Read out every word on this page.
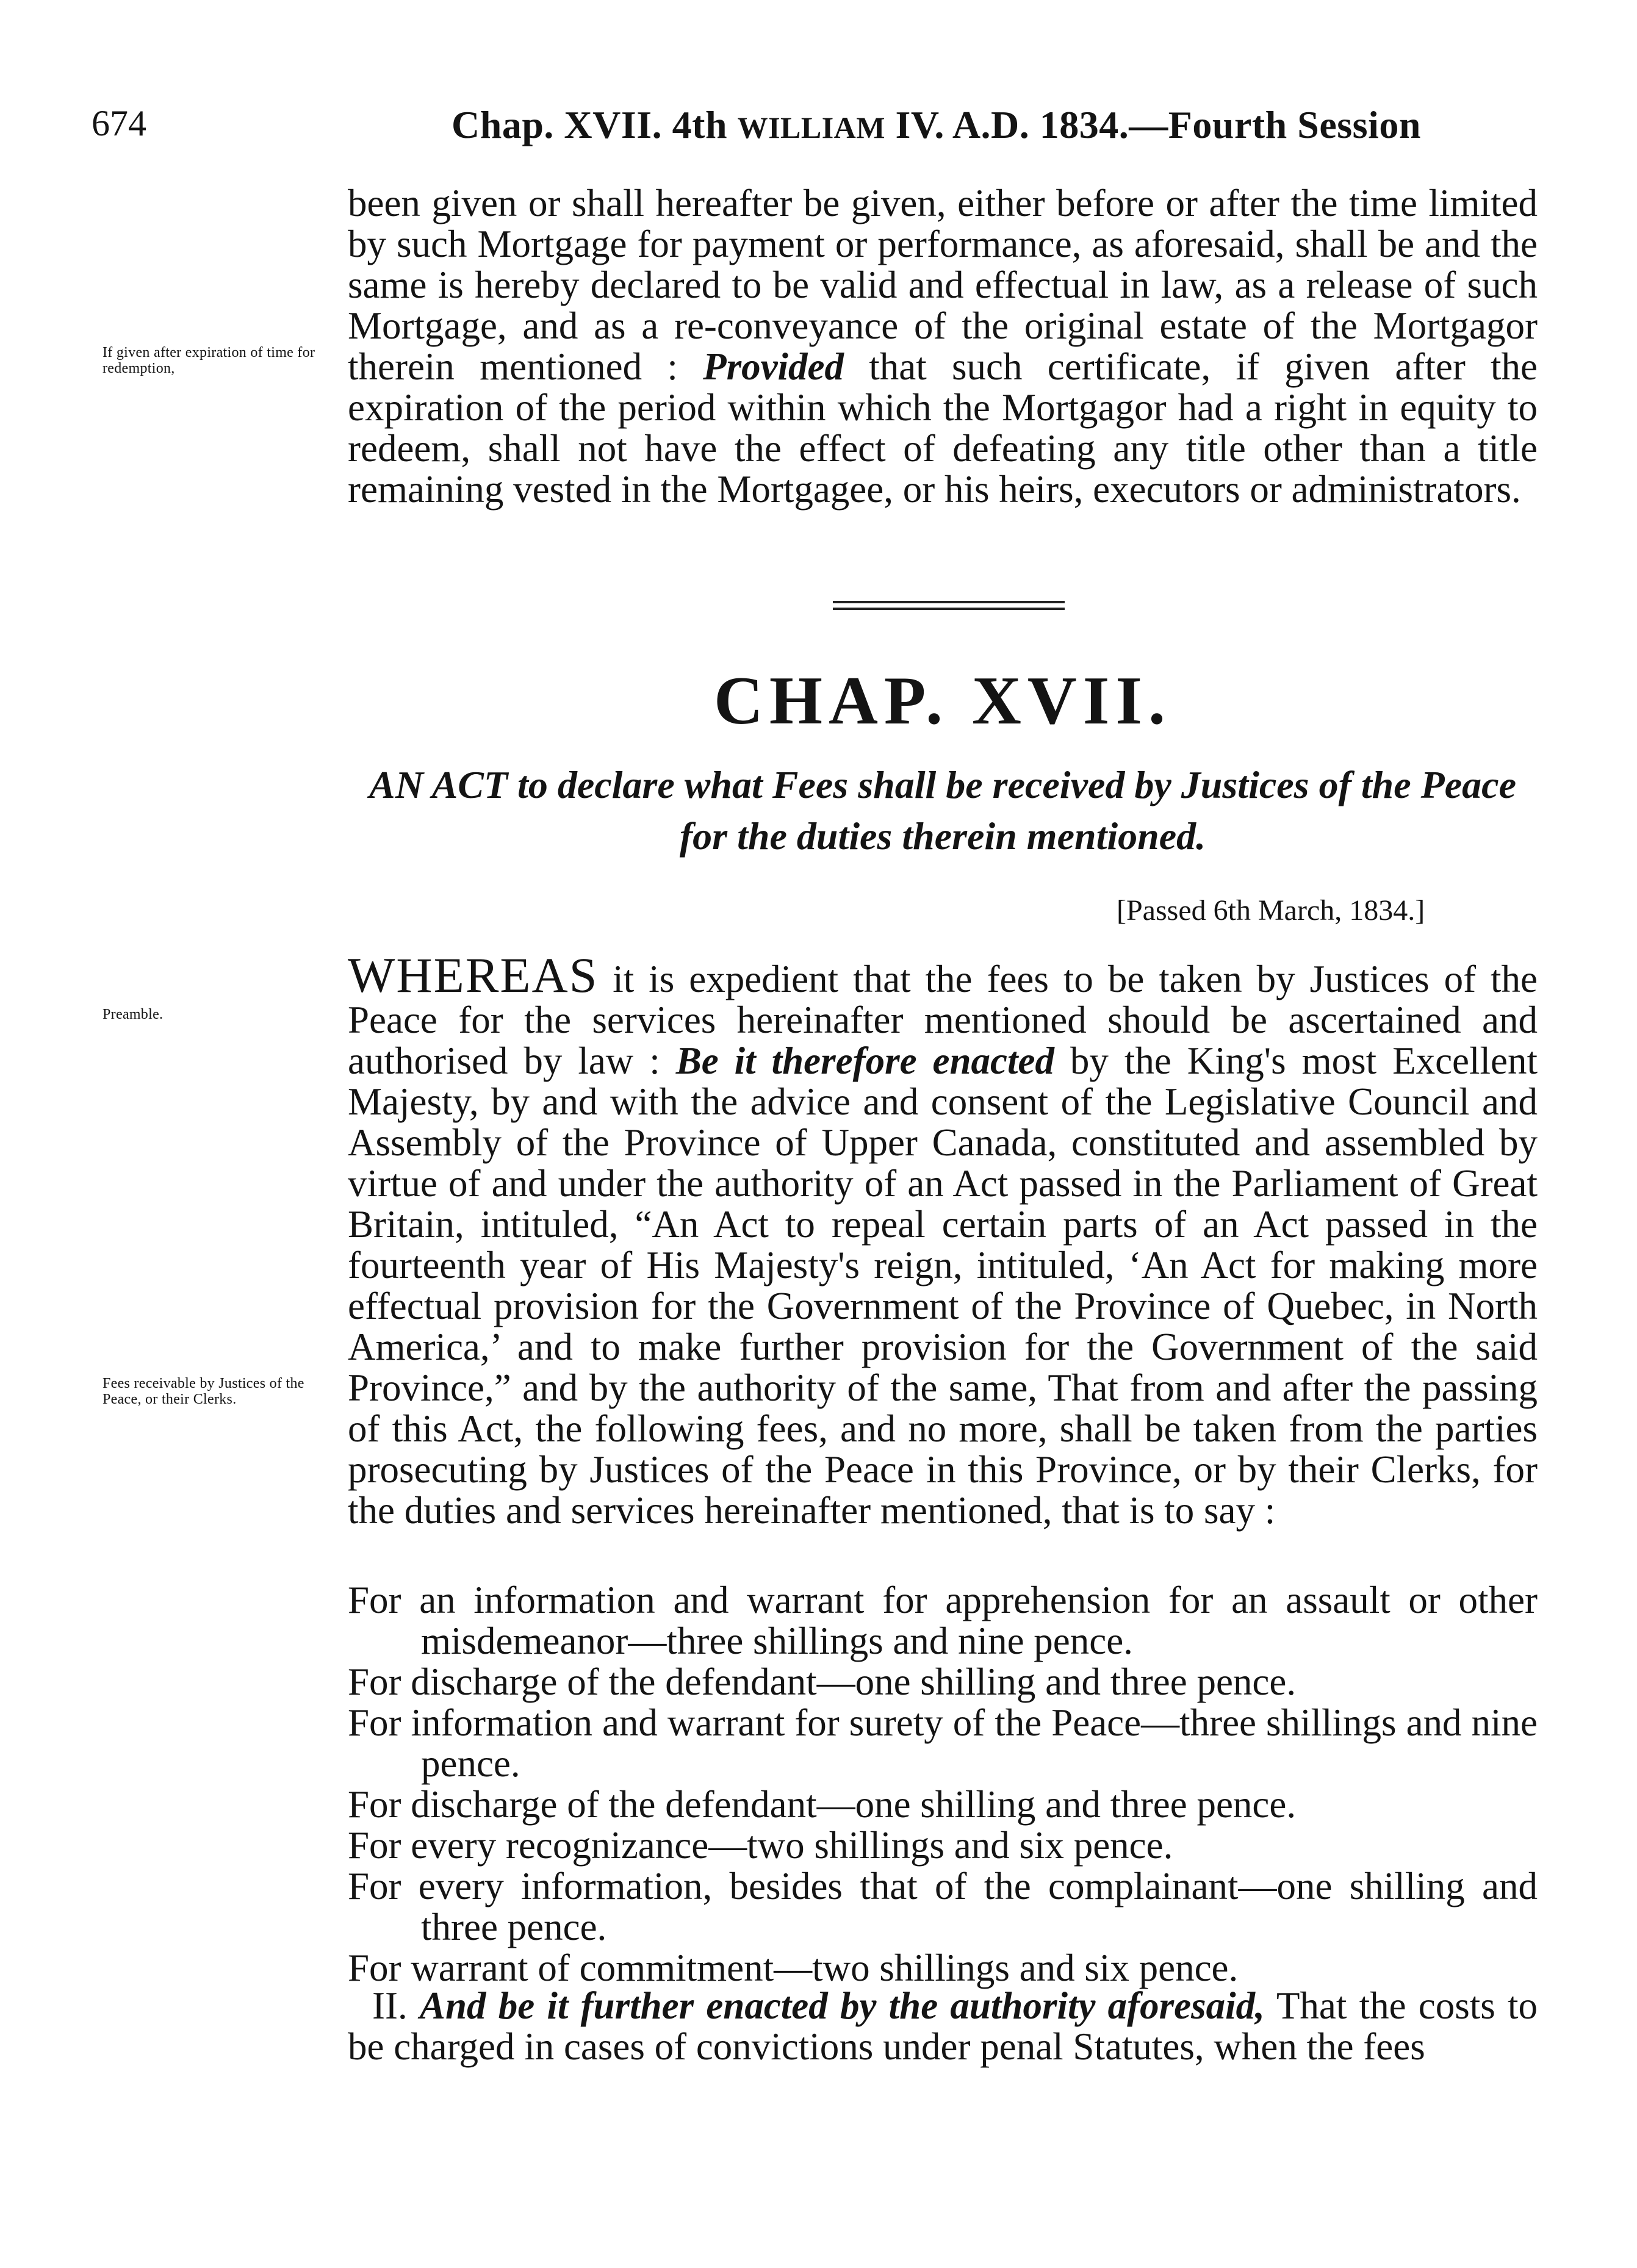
674	Chap. XVII. 4th WILLIAM IV. A.D. 1834.—Fourth Session

been given or shall hereafter be given, either before or after the time limited by such Mortgage for payment or performance, as aforesaid, shall be and the same is hereby declared to be valid and effectual in law, as a release of such Mortgage, and as a re-conveyance of the original estate of the Mortgagor therein mentioned : Provided that such certificate, if given after the expiration of the period within which the Mortgagor had a right in equity to redeem, shall not have the effect of defeating any title other than a title remaining vested in the Mortgagee, or his heirs, executors or administrators.

If given after expiration of time for redemption,
CHAP. XVII.
AN ACT to declare what Fees shall be received by Justices of the Peace for the duties therein mentioned.
[Passed 6th March, 1834.]
Preamble.
Fees receivable by Justices of the Peace, or their Clerks.

WHEREAS it is expedient that the fees to be taken by Justices of the Peace for the services hereinafter mentioned should be ascertained and authorised by law : Be it therefore enacted by the King's most Excellent Majesty, by and with the advice and consent of the Legislative Council and Assembly of the Province of Upper Canada, constituted and assembled by virtue of and under the authority of an Act passed in the Parliament of Great Britain, intituled, “An Act to repeal certain parts of an Act passed in the fourteenth year of His Majesty's reign, intituled, ‘An Act for making more effectual provision for the Government of the Province of Quebec, in North America,’ and to make further provision for the Government of the said Province,” and by the authority of the same, That from and after the passing of this Act, the following fees, and no more, shall be taken from the parties prosecuting by Justices of the Peace in this Province, or by their Clerks, for the duties and services hereinafter mentioned, that is to say :

For an information and warrant for apprehension for an assault or other misdemeanor—three shillings and nine pence.
For discharge of the defendant—one shilling and three pence.
For information and warrant for surety of the Peace—three shillings and nine pence.
For discharge of the defendant—one shilling and three pence.
For every recognizance—two shillings and six pence.
For every information, besides that of the complainant—one shilling and three pence.
For warrant of commitment—two shillings and six pence.

II. And be it further enacted by the authority aforesaid, That the costs to be charged in cases of convictions under penal Statutes, when the fees
